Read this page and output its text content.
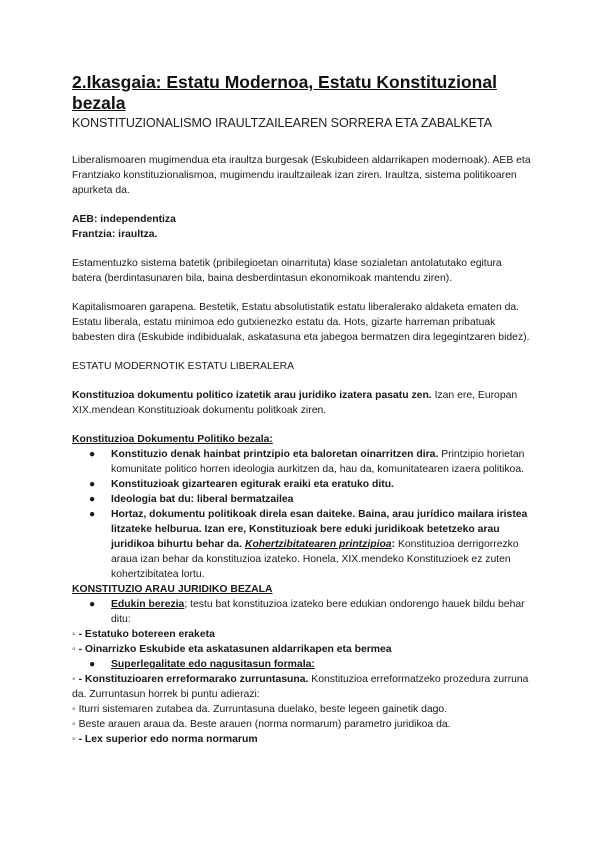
2.Ikasgaia: Estatu Modernoa, Estatu Konstituzional bezala
KONSTITUZIONALISMO IRAULTZAILEAREN SORRERA ETA ZABALKETA

Liberalismoaren mugimendua eta iraultza burgesak (Eskubideen aldarrikapen modernoak). AEB eta Frantziako konstituzionalismoa, mugimendu iraultzaileak izan ziren. Iraultza, sistema politikoaren apurketa da.

AEB: independentiza

Frantzia: iraultza.

Estamentuzko sistema batetik (pribilegioetan oinarrituta) klase sozialetan antolatutako egitura batera (berdintasunaren bila, baina desberdintasun ekonomikoak mantendu ziren).

Kapitalismoaren garapena. Bestetik, Estatu absolutistatik estatu liberalerako aldaketa ematen da. Estatu liberala, estatu minimoa edo gutxienezko estatu da. Hots, gizarte harreman pribatuak babesten dira (Eskubide indibidualak, askatasuna eta jabegoa bermatzen dira legegintzaren bidez).

ESTATU MODERNOTIK ESTATU LIBERALERA

Konstituzioa dokumentu politico izatetik arau juridiko izatera pasatu zen. Izan ere, Europan XIX.mendean Konstituzioak dokumentu politkoak ziren.

Konstituzioa Dokumentu Politiko bezala:

● Konstituzio denak hainbat printzipio eta baloretan oinarritzen dira. Printzipio horietan komunitate politico horren ideologia aurkitzen da, hau da, komunitatearen izaera politikoa.
● Konstituzioak gizartearen egiturak eraiki eta eratuko ditu.
● Ideologia bat du: liberal bermatzailea
● Hortaz, dokumentu politikoak direla esan daiteke. Baina, arau jurídico mailara iristea litzateke helburua. Izan ere, Konstituzioak bere eduki juridikoak betetzeko arau juridikoa bihurtu behar da. Kohertzibitatearen printzipioa: Konstituzioa derrigorrezko araua izan behar da konstituzioa izateko. Honela, XIX.mendeko Konstituzioek ez zuten kohertzibitatea lortu.

KONSTITUZIO ARAU JURIDIKO BEZALA

● Edukin berezia; testu bat konstituzioa izateko bere edukian ondorengo hauek bildu behar ditu:
◦ - Estatuko botereen eraketa
◦ - Oinarrizko Eskubide eta askatasunen aldarrikapen eta bermea
● Superlegalitate edo nagusitasun formala:
◦ - Konstituzioaren erreformarako zurruntasuna. Konstituzioa erreformatzeko prozedura zurruna da. Zurruntasun horrek bi puntu adierazi:
◦ Iturri sistemaren zutabea da. Zurruntasuna duelako, beste legeen gainetik dago.
◦ Beste arauen araua da. Beste arauen (norma normarum) parametro juridikoa da.
◦ - Lex superior edo norma normarum
